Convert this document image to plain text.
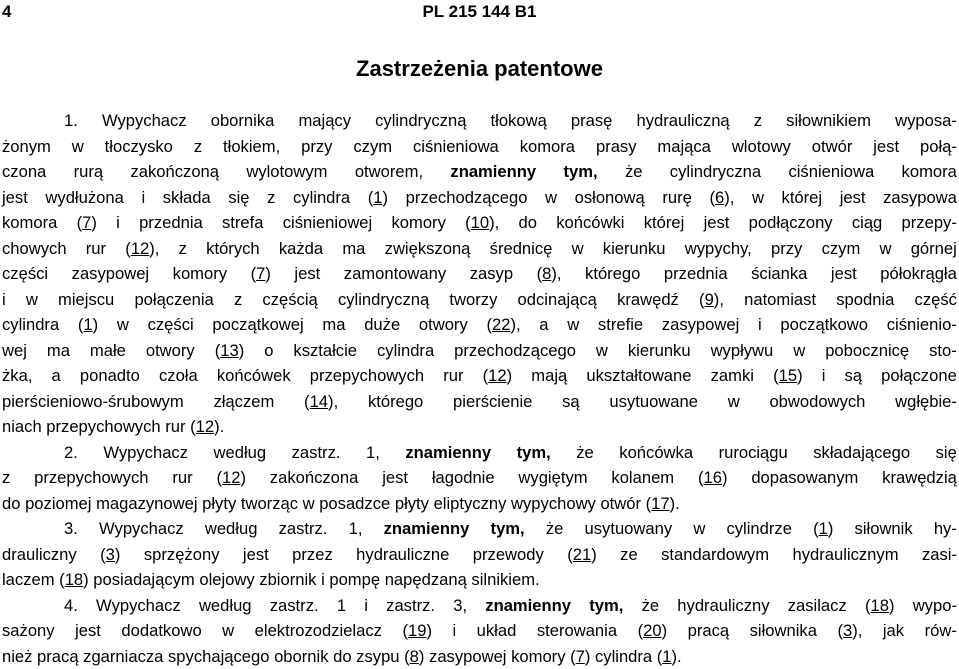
4	PL 215 144 B1
Zastrzeżenia patentowe
1. Wypychacz obornika mający cylindryczną tłokową prasę hydrauliczną z siłownikiem wyposa-
żonym w tłoczysko z tłokiem, przy czym ciśnieniowa komora prasy mająca wlotowy otwór jest połą-
czona rurą zakończoną wylotowym otworem, znamienny tym, że cylindryczna ciśnieniowa komora
jest wydłużona i składa się z cylindra (1) przechodzącego w osłonową rurę (6), w której jest zasypowa
komora (7) i przednia strefa ciśnieniowej komory (10), do końcówki której jest podłączony ciąg przepy-
chowych rur (12), z których każda ma zwiększoną średnicę w kierunku wypychy, przy czym w górnej
części zasypowej komory (7) jest zamontowany zasyp (8), którego przednia ścianka jest półokrągła
i w miejscu połączenia z częścią cylindryczną tworzy odcinającą krawędź (9), natomiast spodnia część
cylindra (1) w części początkowej ma duże otwory (22), a w strefie zasypowej i początkowo ciśnienio-
wej ma małe otwory (13) o kształcie cylindra przechodzącego w kierunku wypływu w pobocznicę sto-
żka, a ponadto czoła końcówek przepychowych rur (12) mają ukształtowane zamki (15) i są połączone
pierścieniowo-śrubowym złączem (14), którego pierścienie są usytuowane w obwodowych wgłębie-
niach przepychowych rur (12).
2. Wypychacz według zastrz. 1, znamienny tym, że końcówka rurociągu składającego się
z przepychowych rur (12) zakończona jest łagodnie wygiętym kolanem (16) dopasowanym krawędzią
do poziomej magazynowej płyty tworząc w posadzce płyty eliptyczny wypychowy otwór (17).
3. Wypychacz według zastrz. 1, znamienny tym, że usytuowany w cylindrze (1) siłownik hy-
drauliczny (3) sprzężony jest przez hydrauliczne przewody (21) ze standardowym hydraulicznym zasi-
laczem (18) posiadającym olejowy zbiornik i pompę napędzaną silnikiem.
4. Wypychacz według zastrz. 1 i zastrz. 3, znamienny tym, że hydrauliczny zasilacz (18) wypo-
sażony jest dodatkowo w elektrozodzielacz (19) i układ sterowania (20) pracą siłownika (3), jak rów-
nież pracą zgarniacza spychającego obornik do zsypu (8) zasypowej komory (7) cylindra (1).
